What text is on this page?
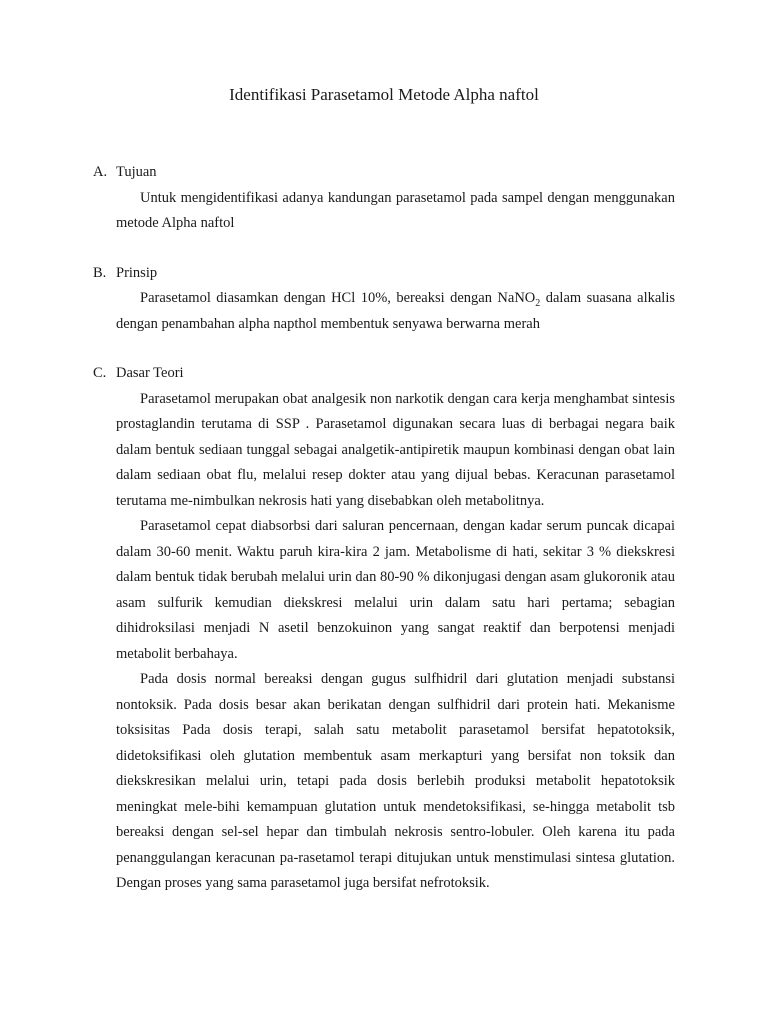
Identifikasi Parasetamol Metode Alpha naftol
A. Tujuan

Untuk mengidentifikasi adanya kandungan parasetamol pada sampel dengan menggunakan metode Alpha naftol

B. Prinsip

Parasetamol diasamkan dengan HCl 10%, bereaksi dengan NaNO$_2$ dalam suasana alkalis dengan penambahan alpha napthol membentuk senyawa berwarna merah

C. Dasar Teori

Parasetamol merupakan obat analgesik non narkotik dengan cara kerja menghambat sintesis prostaglandin terutama di SSP . Parasetamol digunakan secara luas di berbagai negara baik dalam bentuk sediaan tunggal sebagai analgetik-antipiretik maupun kombinasi dengan obat lain dalam sediaan obat flu, melalui resep dokter atau yang dijual bebas. Keracunan parasetamol terutama me-nimbulkan nekrosis hati yang disebabkan oleh metabolitnya.

Parasetamol cepat diabsorbsi dari saluran pencernaan, dengan kadar serum puncak dicapai dalam 30-60 menit. Waktu paruh kira-kira 2 jam. Metabolisme di hati, sekitar 3 % diekskresi dalam bentuk tidak berubah melalui urin dan 80-90 % dikonjugasi dengan asam glukoronik atau asam sulfurik kemudian diekskresi melalui urin dalam satu hari pertama; sebagian dihidroksilasi menjadi N asetil benzokuinon yang sangat reaktif dan berpotensi menjadi metabolit berbahaya.

Pada dosis normal bereaksi dengan gugus sulfhidril dari glutation menjadi substansi nontoksik. Pada dosis besar akan berikatan dengan sulfhidril dari protein hati. Mekanisme toksisitas Pada dosis terapi, salah satu metabolit parasetamol bersifat hepatotoksik, didetoksifikasi oleh glutation membentuk asam merkapturi yang bersifat non toksik dan diekskresikan melalui urin, tetapi pada dosis berlebih produksi metabolit hepatotoksik meningkat mele-bihi kemampuan glutation untuk mendetoksifikasi, se-hingga metabolit tsb bereaksi dengan sel-sel hepar dan timbulah nekrosis sentro-lobuler. Oleh karena itu pada penanggulangan keracunan pa-rasetamol terapi ditujukan untuk menstimulasi sintesa glutation. Dengan proses yang sama parasetamol juga bersifat nefrotoksik.
